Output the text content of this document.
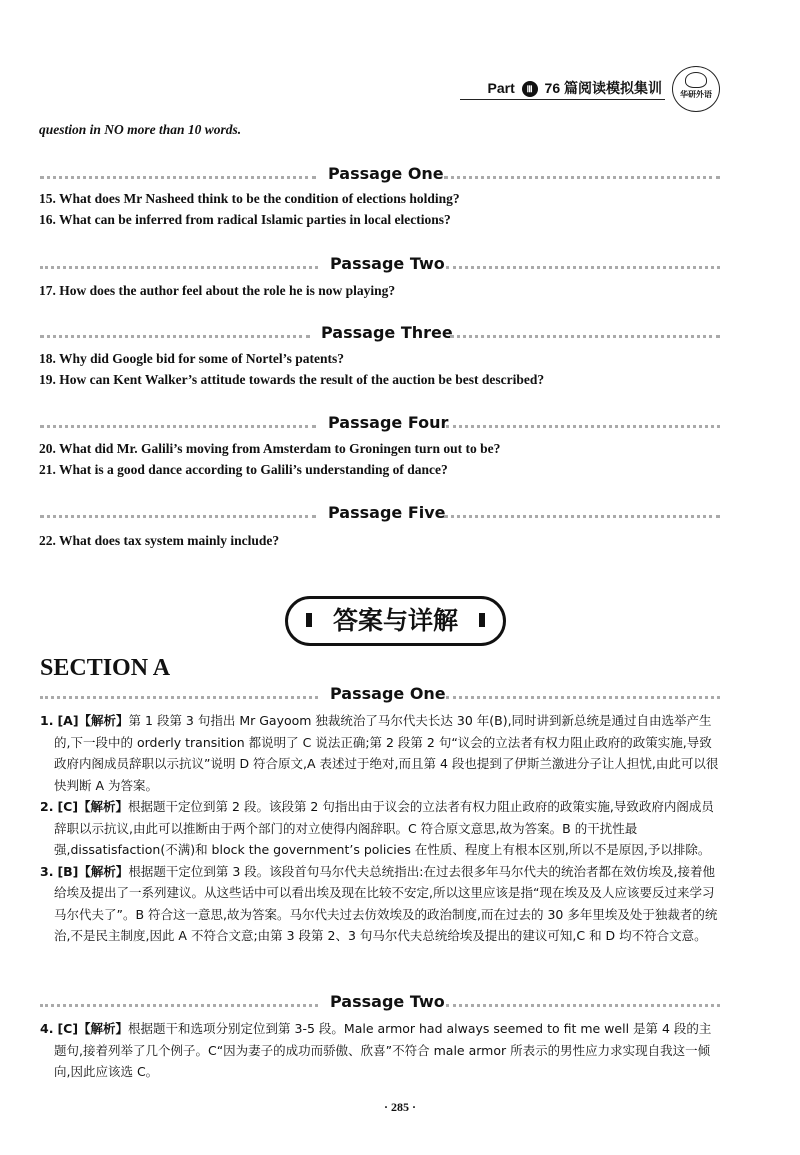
Part Ⅲ 76 篇阅读模拟集训	华研外语
question in NO more than 10 words.
Passage One
15. What does Mr Nasheed think to be the condition of elections holding?
16. What can be inferred from radical Islamic parties in local elections?
Passage Two
17. How does the author feel about the role he is now playing?
Passage Three
18. Why did Google bid for some of Nortel’s patents?
19. How can Kent Walker’s attitude towards the result of the auction be best described?
Passage Four
20. What did Mr. Galili’s moving from Amsterdam to Groningen turn out to be?
21. What is a good dance according to Galili’s understanding of dance?
Passage Five
22. What does tax system mainly include?
答案与详解
SECTION A
Passage One

1. [A]【解析】第 1 段第 3 句指出 Mr Gayoom 独裁统治了马尔代夫长达 30 年(B),同时讲到新总统是通过自由选举产生的,下一段中的 orderly transition 都说明了 C 说法正确;第 2 段第 2 句“议会的立法者有权力阻止政府的政策实施,导致政府内阁成员辞职以示抗议”说明 D 符合原文,A 表述过于绝对,而且第 4 段也提到了伊斯兰激进分子让人担忧,由此可以很快判断 A 为答案。

2. [C]【解析】根据题干定位到第 2 段。该段第 2 句指出由于议会的立法者有权力阻止政府的政策实施,导致政府内阁成员辞职以示抗议,由此可以推断由于两个部门的对立使得内阁辞职。C 符合原文意思,故为答案。B 的干扰性最强,dissatisfaction(不满)和 block the government’s policies 在性质、程度上有根本区别,所以不是原因,予以排除。

3. [B]【解析】根据题干定位到第 3 段。该段首句马尔代夫总统指出:在过去很多年马尔代夫的统治者都在效仿埃及,接着他给埃及提出了一系列建议。从这些话中可以看出埃及现在比较不安定,所以这里应该是指“现在埃及及人应该要反过来学习马尔代夫了”。B 符合这一意思,故为答案。马尔代夫过去仿效埃及的政治制度,而在过去的 30 多年里埃及处于独裁者的统治,不是民主制度,因此 A 不符合文意;由第 3 段第 2、3 句马尔代夫总统给埃及提出的建议可知,C 和 D 均不符合文意。

Passage Two

4. [C]【解析】根据题干和选项分别定位到第 3-5 段。Male armor had always seemed to fit me well 是第 4 段的主题句,接着列举了几个例子。C“因为妻子的成功而骄傲、欣喜”不符合 male armor 所表示的男性应力求实现自我这一倾向,因此应该选 C。

· 285 ·
